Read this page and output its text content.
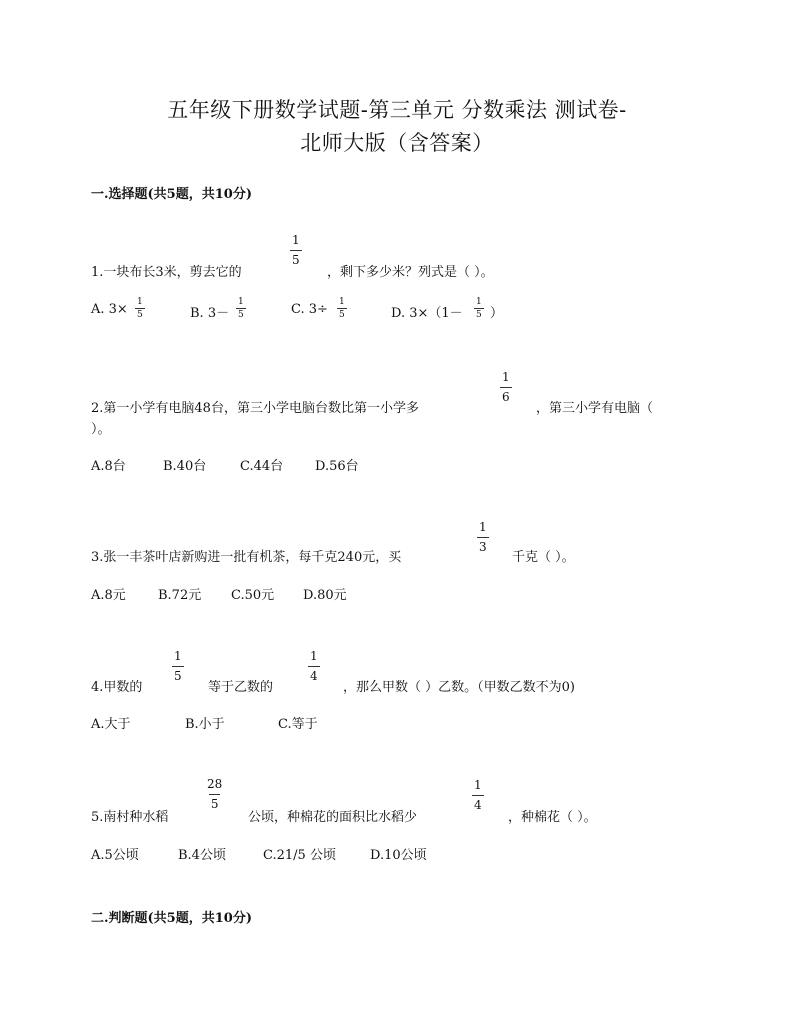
五年级下册数学试题-第三单元 分数乘法 测试卷-
北师大版（含答案）
一.选择题(共5题，共10分)
1.一块布长3米，剪去它的
$\frac{1}{5}$
，剩下多少米？列式是（ ）。
A. $3\times \frac{1}{5}$	B. $3- \frac{1}{5}$	C. $3\div \frac{1}{5}$	D. $3\times(1- \frac{1}{5}$ ）
2.第一小学有电脑48台，第三小学电脑台数比第一小学多
$\frac{1}{6}$
，第三小学有电脑（
）。
A.8台	B.40台	C.44台 D.56台
3.张一丰茶叶店新购进一批有机茶，每千克240元，买
$\frac{1}{3}$
千克（ ）。
A.8元 B.72元 C.50元 D.80元
4.甲数的
$\frac{1}{5}$
等于乙数的
$\frac{1}{4}$
，那么甲数（ ）乙数。（甲数乙数不为0)
A.大于	B.小于	C.等于
5.南村种水稻
$\frac{28}{5}$
公顷，种棉花的面积比水稻少
$\frac{1}{4}$
，种棉花（ ）。
A.5公顷	B.4公顷	C.21/5 公顷	D.10公顷
二.判断题(共5题，共10分)
